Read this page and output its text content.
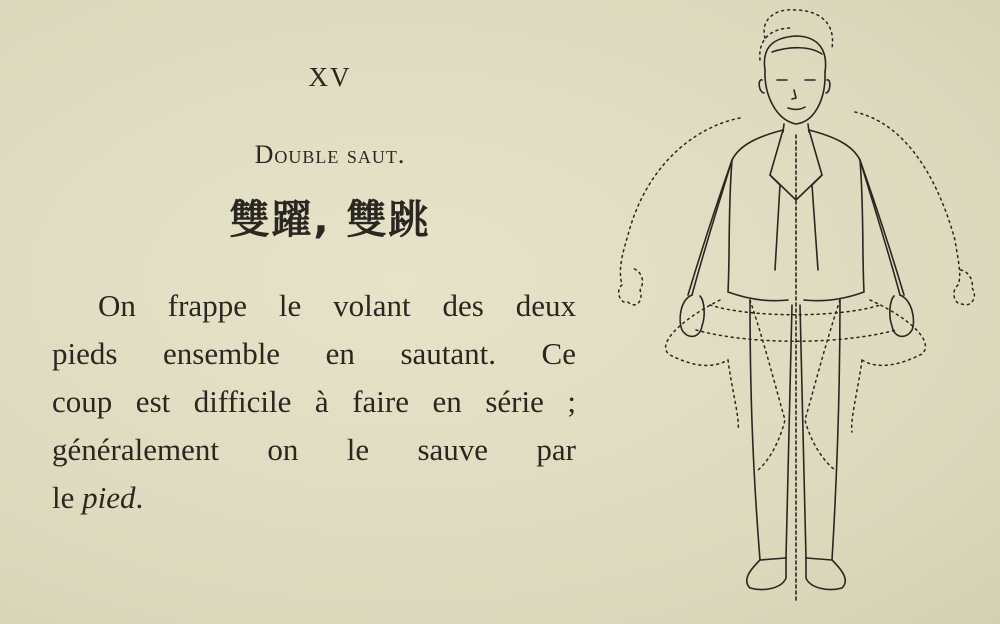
XV
Double saut.
雙躍, 雙跳
On frappe le volant des deux
pieds ensemble en sautant. Ce
coup est difficile à faire en série ;
généralement on le sauve par
le pied.
